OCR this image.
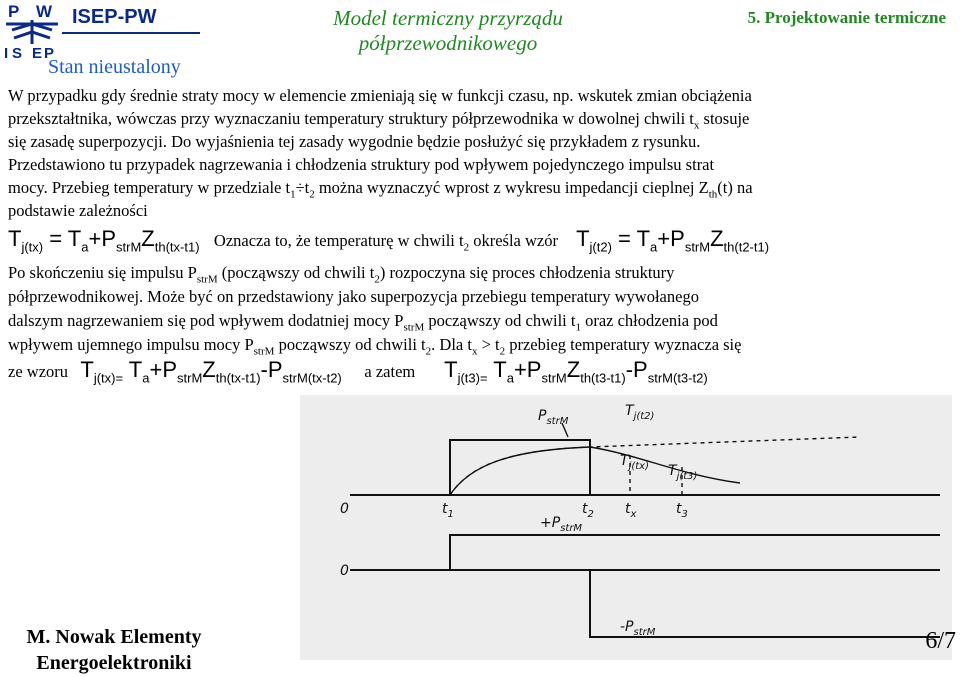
P W
I S E P
ISEP-PW	Model termiczny przyrządu półprzewodnikowego
5. Projektowanie termiczne
Stan nieustalony
W przypadku gdy średnie straty mocy w elemencie zmieniają się w funkcji czasu, np. wskutek zmian obciążenia
przekształtnika, wówczas przy wyznaczaniu temperatury struktury półprzewodnika w dowolnej chwili $t_x$ stosuje
się zasadę superpozycji. Do wyjaśnienia tej zasady wygodnie będzie posłużyć się przykładem z rysunku.
Przedstawiono tu przypadek nagrzewania i chłodzenia struktury pod wpływem pojedynczego impulsu strat
mocy. Przebieg temperatury w przedziale $t_1\div t_2$ można wyznaczyć wprost z wykresu impedancji cieplnej $Z_{th}(t)$ na
podstawie zależności
$T_{j(tx)} = T_a+P_{strM}Z_{th(tx-t1)}$ Oznacza to, że temperaturę w chwili $t_2$ określa wzór $T_{j(t2)} = T_a+P_{strM}Z_{th(t2-t1)}$
Po skończeniu się impulsu $P_{strM}$ (począwszy od chwili $t_2$) rozpoczyna się proces chłodzenia struktury
półprzewodnikowej. Może być on przedstawiony jako superpozycja przebiegu temperatury wywołanego
dalszym nagrzewaniem się pod wpływem dodatniej mocy $P_{strM}$ począwszy od chwili $t_1$ oraz chłodzenia pod
wpływem ujemnego impulsu mocy $P_{strM}$ począwszy od chwili $t_2$. Dla $t_x > t_2$ przebieg temperatury wyznacza się
ze wzoru $T_{j(tx)=}$ $T_a+P_{strM}Z_{th(tx-t1)}-P_{strM(tx-t2)}$ a zatem $T_{j(t3)=}$ $T_a+P_{strM}Z_{th(t3-t1)}-P_{strM(t3-t2)}$
$P_{strM}$
$T_{j(t2)}$
$T_{j(tx)}$ $T_{j(t3)}$
0	$t_1$	$t_2$ $t_x$	$t_3$
$+P_{strM}$
0
$-P_{strM}$
M. Nowak Elementy Energoelektroniki
6/7
